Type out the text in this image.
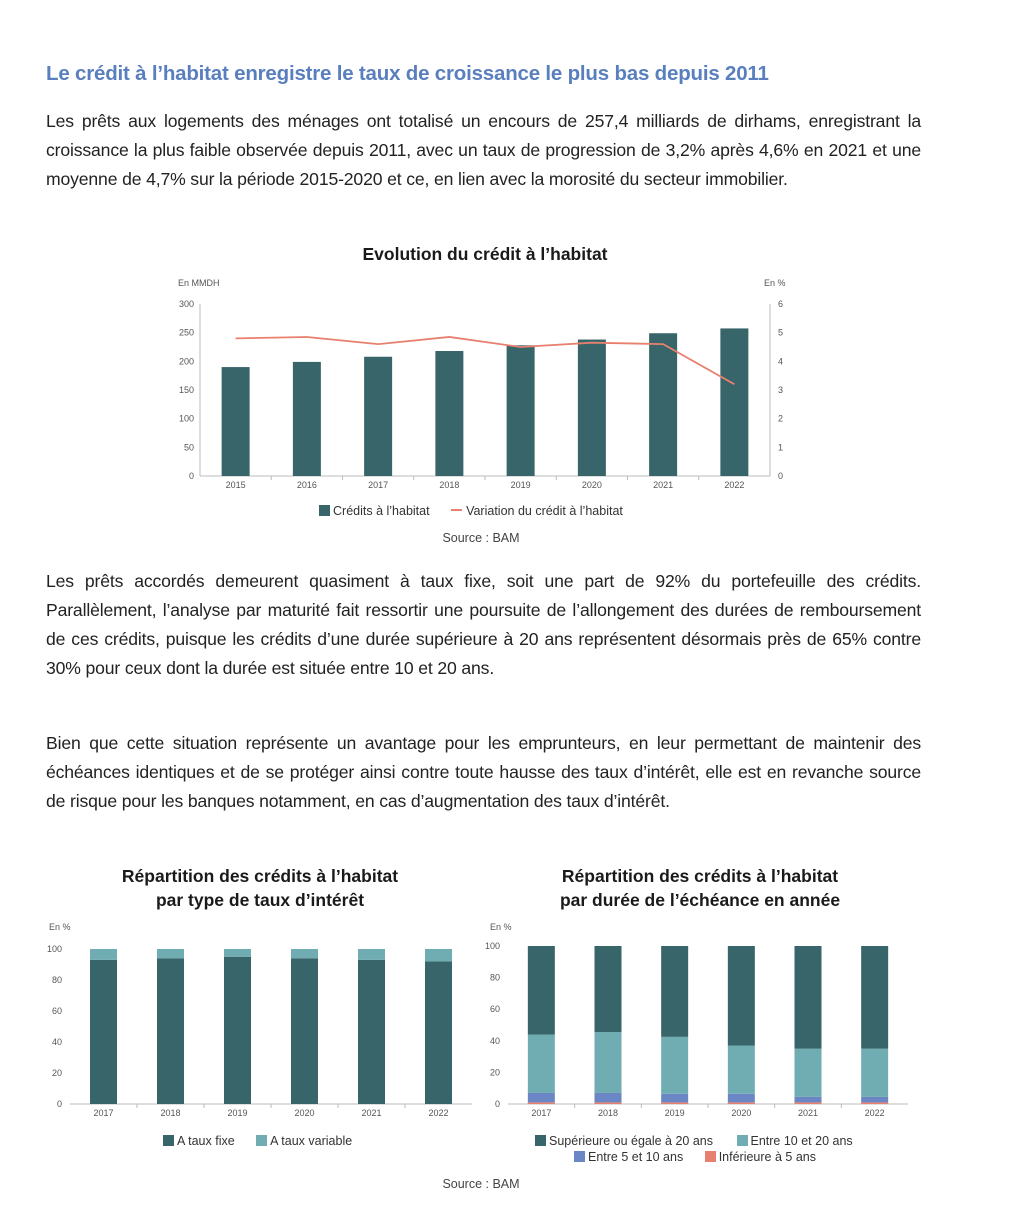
Le crédit à l’habitat enregistre le taux de croissance le plus bas depuis 2011
Les prêts aux logements des ménages ont totalisé un encours de 257,4 milliards de dirhams, enregistrant la croissance la plus faible observée depuis 2011, avec un taux de progression de 3,2% après 4,6% en 2021 et une moyenne de 4,7% sur la période 2015-2020 et ce, en lien avec la morosité du secteur immobilier.
Evolution du crédit à l’habitat
En MMDH	En %
0
50
100
150
200
250
300
0
1
2
3
4
5
6
2015	2016	2017	2018	2019	2020	2021	2022
Crédits à l’habitat	Variation du crédit à l’habitat
Source : BAM
Les prêts accordés demeurent quasiment à taux fixe, soit une part de 92% du portefeuille des crédits. Parallèlement, l’analyse par maturité fait ressortir une poursuite de l’allongement des durées de remboursement de ces crédits, puisque les crédits d’une durée supérieure à 20 ans représentent désormais près de 65% contre 30% pour ceux dont la durée est située entre 10 et 20 ans.
Bien que cette situation représente un avantage pour les emprunteurs, en leur permettant de maintenir des échéances identiques et de se protéger ainsi contre toute hausse des taux d’intérêt, elle est en revanche source de risque pour les banques notamment, en cas d’augmentation des taux d’intérêt.
Répartition des crédits à l’habitat
par type de taux d’intérêt
En %
0
20
40
60
80
100
2017	2018	2019	2020	2021	2022
A taux fixe	A taux variable
Répartition des crédits à l’habitat
par durée de l’échéance en année
En %
0
20
40
60
80
100
2017	2018	2019	2020	2021	2022
Supérieure ou égale à 20 ans	Entre 10 et 20 ans
Entre 5 et 10 ans	Inférieure à 5 ans
Source : BAM
